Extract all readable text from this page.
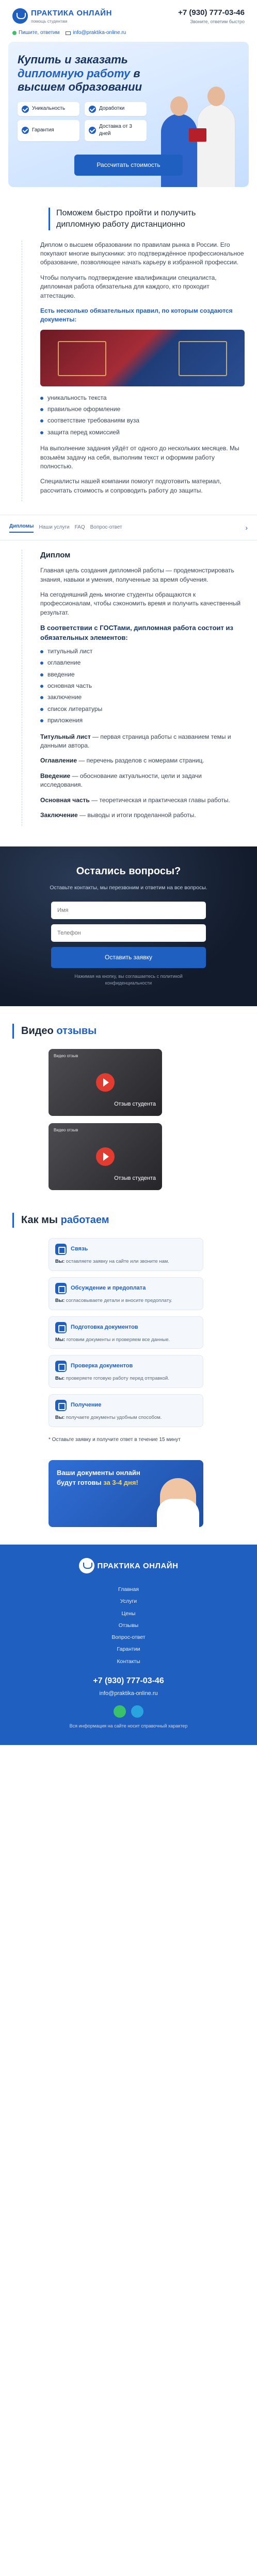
ПРАКТИКА ОНЛАЙН
помощь студентам
+7 (930) 777-03-46
Звоните, ответим быстро
Пишите, ответим	info@praktika-online.ru
Купить и заказать дипломную работу в высшем образовании
Уникальность	Доработки
Гарантия
Доставка от 3 дней
Рассчитать стоимость

Поможем быстро пройти и получить дипломную работу дистанционно

Диплом о высшем образовании по правилам рынка в России. Его покупают многие выпускники: это подтверждённое профессиональное образование, позволяющее начать карьеру в избранной профессии.

Чтобы получить подтверждение квалификации специалиста, дипломная работа обязательна для каждого, кто проходит аттестацию.

Есть несколько обязательных правил, по которым создаются документы:

уникальность текста
правильное оформление
соответствие требованиям вуза
защита перед комиссией

На выполнение задания уйдёт от одного до нескольких месяцев. Мы возьмём задачу на себя, выполним текст и оформим работу полностью.

Специалисты нашей компании помогут подготовить материал, рассчитать стоимость и сопроводить работу до защиты.

Дипломы Наши услуги FAQ Вопрос-ответ	›
Диплом

Главная цель создания дипломной работы — продемонстрировать знания, навыки и умения, полученные за время обучения.

На сегодняшний день многие студенты обращаются к профессионалам, чтобы сэкономить время и получить качественный результат.

В соответствии с ГОСТами, дипломная работа состоит из обязательных элементов:
титульный лист
оглавление
введение
основная часть
заключение
список литературы
приложения

Титульный лист — первая страница работы с названием темы и данными автора.

Оглавление — перечень разделов с номерами страниц.

Введение — обоснование актуальности, цели и задачи исследования.

Основная часть — теоретическая и практическая главы работы.

Заключение — выводы и итоги проделанной работы.

Остались вопросы?

Оставьте контакты, мы перезвоним и ответим на все вопросы.

Имя
Телефон
Оставить заявку

Нажимая на кнопку, вы соглашаетесь с политикой конфиденциальности

Видео отзывы
Видео отзыв
Отзыв студента
Видео отзыв
Отзыв студента
Как мы работаем
Связь

Вы: оставляете заявку на сайте или звоните нам.

Обсуждение и предоплата

Вы: согласовываете детали и вносите предоплату.

Подготовка документов

Мы: готовим документы и проверяем все данные.

Проверка документов

Вы: проверяете готовую работу перед отправкой.

Получение

Вы: получаете документы удобным способом.

* Оставьте заявку и получите ответ в течение 15 минут

Ваши документы онлайн будут готовы за 3-4 дня!

ПРАКТИКА ОНЛАЙН
Главная
Услуги
Цены
Отзывы
Вопрос-ответ
Гарантии
Контакты
+7 (930) 777-03-46
info@praktika-online.ru

Вся информация на сайте носит справочный характер
